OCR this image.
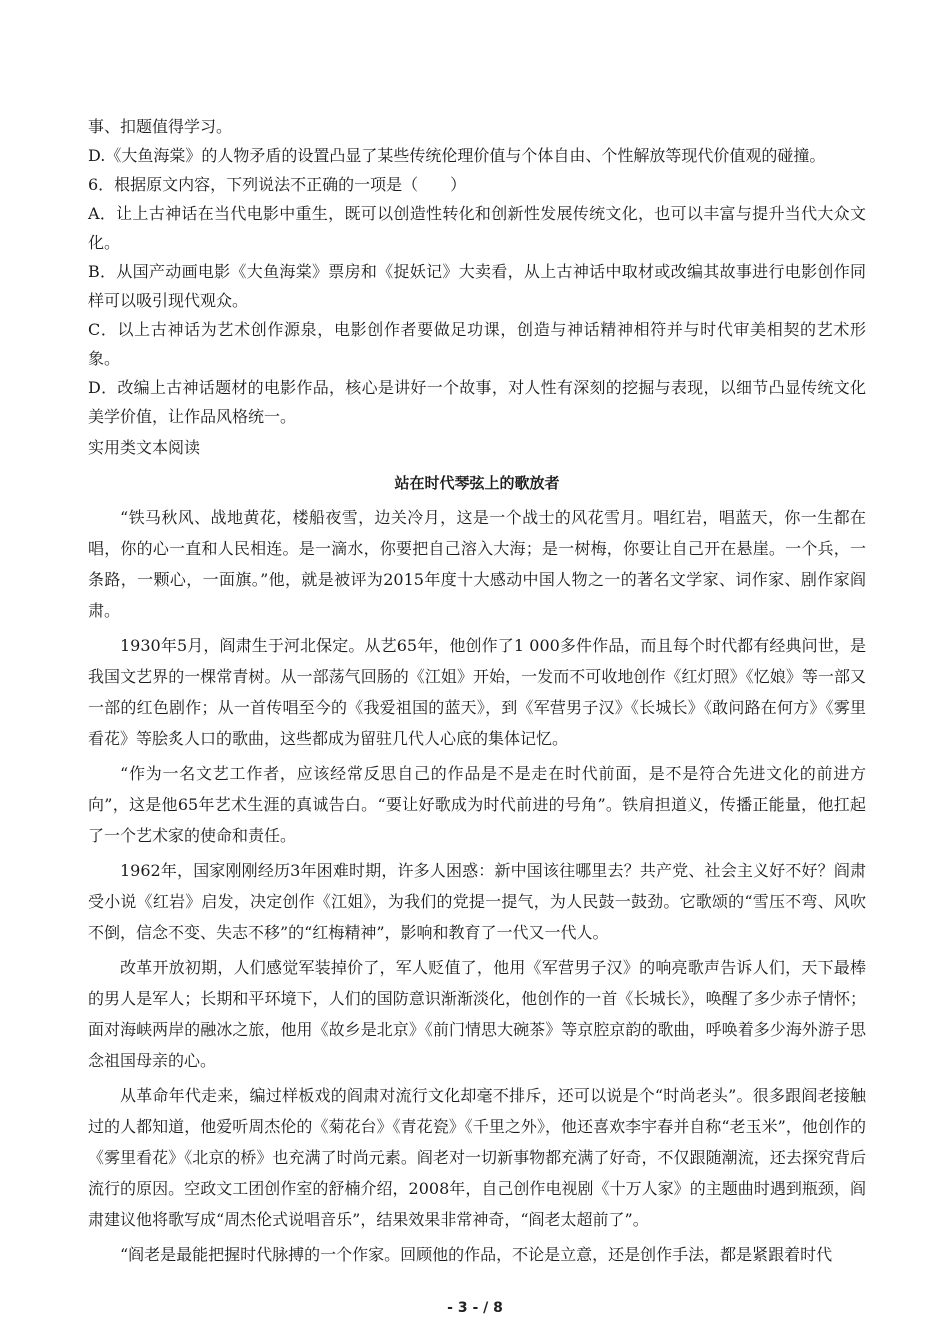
事、扣题值得学习。

D.《大鱼海棠》的人物矛盾的设置凸显了某些传统伦理价值与个体自由、个性解放等现代价值观的碰撞。

6．根据原文内容，下列说法不正确的一项是（　　）

A．让上古神话在当代电影中重生，既可以创造性转化和创新性发展传统文化，也可以丰富与提升当代大众文化。

B．从国产动画电影《大鱼海棠》票房和《捉妖记》大卖看，从上古神话中取材或改编其故事进行电影创作同样可以吸引现代观众。

C．以上古神话为艺术创作源泉，电影创作者要做足功课，创造与神话精神相符并与时代审美相契的艺术形象。

D．改编上古神话题材的电影作品，核心是讲好一个故事，对人性有深刻的挖掘与表现，以细节凸显传统文化美学价值，让作品风格统一。

实用类文本阅读

站在时代琴弦上的歌放者

“铁马秋风、战地黄花，楼船夜雪，边关冷月，这是一个战士的风花雪月。唱红岩，唱蓝天，你一生都在唱，你的心一直和人民相连。是一滴水，你要把自己溶入大海；是一树梅，你要让自己开在悬崖。一个兵，一条路，一颗心，一面旗。”他，就是被评为2015年度十大感动中国人物之一的著名文学家、词作家、剧作家阎肃。

1930年5月，阎肃生于河北保定。从艺65年，他创作了1 000多件作品，而且每个时代都有经典问世，是我国文艺界的一棵常青树。从一部荡气回肠的《江姐》开始，一发而不可收地创作《红灯照》《忆娘》等一部又一部的红色剧作；从一首传唱至今的《我爱祖国的蓝天》，到《军营男子汉》《长城长》《敢问路在何方》《雾里看花》等脍炙人口的歌曲，这些都成为留驻几代人心底的集体记忆。

“作为一名文艺工作者，应该经常反思自己的作品是不是走在时代前面，是不是符合先进文化的前进方向”，这是他65年艺术生涯的真诚告白。“要让好歌成为时代前进的号角”。铁肩担道义，传播正能量，他扛起了一个艺术家的使命和责任。

1962年，国家刚刚经历3年困难时期，许多人困惑：新中国该往哪里去？共产党、社会主义好不好？阎肃受小说《红岩》启发，决定创作《江姐》，为我们的党提一提气，为人民鼓一鼓劲。它歌颂的“雪压不弯、风吹不倒，信念不变、失志不移”的“红梅精神”，影响和教育了一代又一代人。

改革开放初期，人们感觉军装掉价了，军人贬值了，他用《军营男子汉》的响亮歌声告诉人们，天下最棒的男人是军人；长期和平环境下，人们的国防意识渐渐淡化，他创作的一首《长城长》，唤醒了多少赤子情怀；面对海峡两岸的融冰之旅，他用《故乡是北京》《前门情思大碗茶》等京腔京韵的歌曲，呼唤着多少海外游子思念祖国母亲的心。

从革命年代走来，编过样板戏的阎肃对流行文化却毫不排斥，还可以说是个“时尚老头”。很多跟阎老接触过的人都知道，他爱听周杰伦的《菊花台》《青花瓷》《千里之外》，他还喜欢李宇春并自称“老玉米”，他创作的《雾里看花》《北京的桥》也充满了时尚元素。阎老对一切新事物都充满了好奇，不仅跟随潮流，还去探究背后流行的原因。空政文工团创作室的舒楠介绍，2008年，自己创作电视剧《十万人家》的主题曲时遇到瓶颈，阎肃建议他将歌写成“周杰伦式说唱音乐”，结果效果非常神奇，“阎老太超前了”。

“阎老是最能把握时代脉搏的一个作家。回顾他的作品，不论是立意，还是创作手法，都是紧跟着时代

- 3 - / 8
